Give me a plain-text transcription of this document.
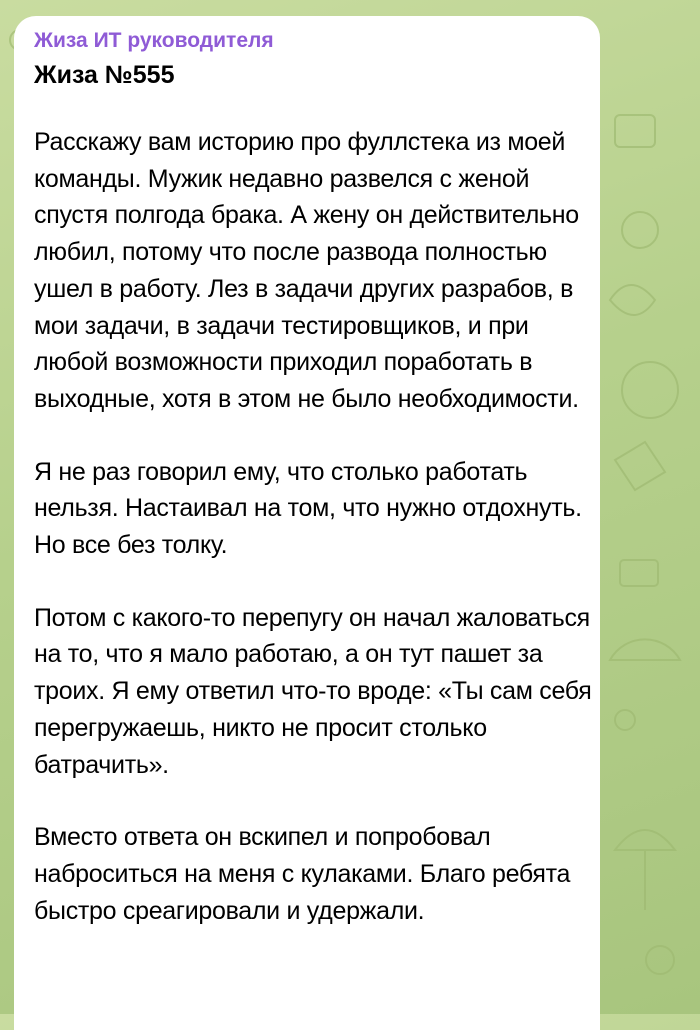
Жиза ИТ руководителя
Жиза №555

Расскажу вам историю про фуллстека из моей команды. Мужик недавно развелся с женой спустя полгода брака. А жену он действительно любил, потому что после развода полностью ушел в работу. Лез в задачи других разрабов, в мои задачи, в задачи тестировщиков, и при любой возможности приходил поработать в выходные, хотя в этом не было необходимости.

Я не раз говорил ему, что столько работать нельзя. Настаивал на том, что нужно отдохнуть. Но все без толку.

Потом с какого-то перепугу он начал жаловаться на то, что я мало работаю, а он тут пашет за троих. Я ему ответил что-то вроде: «Ты сам себя перегружаешь, никто не просит столько батрачить».

Вместо ответа он вскипел и попробовал наброситься на меня с кулаками. Благо ребята быстро среагировали и удержали.
